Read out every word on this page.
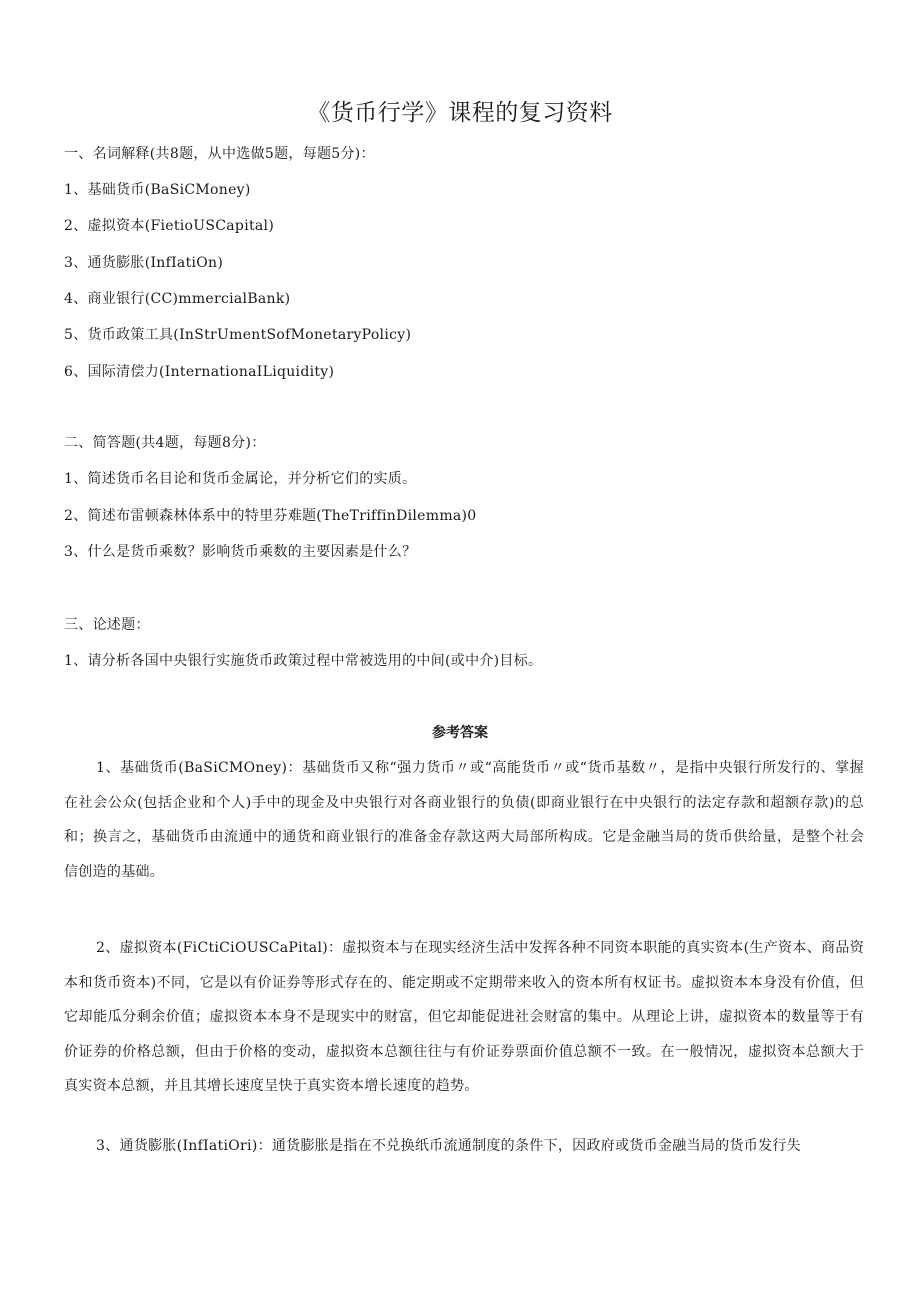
《货币行学》课程的复习资料
一、名词解释(共8题，从中选做5题，每题5分)：
1、基础货币(BaSiCMoney)
2、虚拟资本(FietioUSCapital)
3、通货膨胀(InfIatiOn)
4、商业银行(CC)mmercialBank)
5、货币政策工具(InStrUmentSofMonetaryPolicy)
6、国际清偿力(InternationaILiquidity)
二、简答题(共4题，每题8分)：
1、简述货币名目论和货币金属论，并分析它们的实质。
2、简述布雷顿森林体系中的特里芬难题(TheTriffinDilemma)0
3、什么是货币乘数？影响货币乘数的主要因素是什么？
三、论述题：
1、请分析各国中央银行实施货币政策过程中常被选用的中间(或中介)目标。
参考答案
1、基础货币(BaSiCMOney)：基础货币又称“强力货币〃或“高能货币〃或“货币基数〃，是指中央银行所发行的、掌握在社会公众(包括企业和个人)手中的现金及中央银行对各商业银行的负债(即商业银行在中央银行的法定存款和超额存款)的总和；换言之，基础货币由流通中的通货和商业银行的准备金存款这两大局部所构成。它是金融当局的货币供给量，是整个社会信创造的基础。
2、虚拟资本(FiCtiCiOUSCaPital)：虚拟资本与在现实经济生活中发挥各种不同资本职能的真实资本(生产资本、商品资本和货币资本)不同，它是以有价证券等形式存在的、能定期或不定期带来收入的资本所有权证书。虚拟资本本身没有价值，但它却能瓜分剩余价值；虚拟资本本身不是现实中的财富，但它却能促进社会财富的集中。从理论上讲，虚拟资本的数量等于有价证券的价格总额，但由于价格的变动，虚拟资本总额往往与有价证券票面价值总额不一致。在一般情况，虚拟资本总额大于真实资本总额，并且其增长速度呈快于真实资本增长速度的趋势。
3、通货膨胀(InfIatiOri)：通货膨胀是指在不兑换纸币流通制度的条件下，因政府或货币金融当局的货币发行失
